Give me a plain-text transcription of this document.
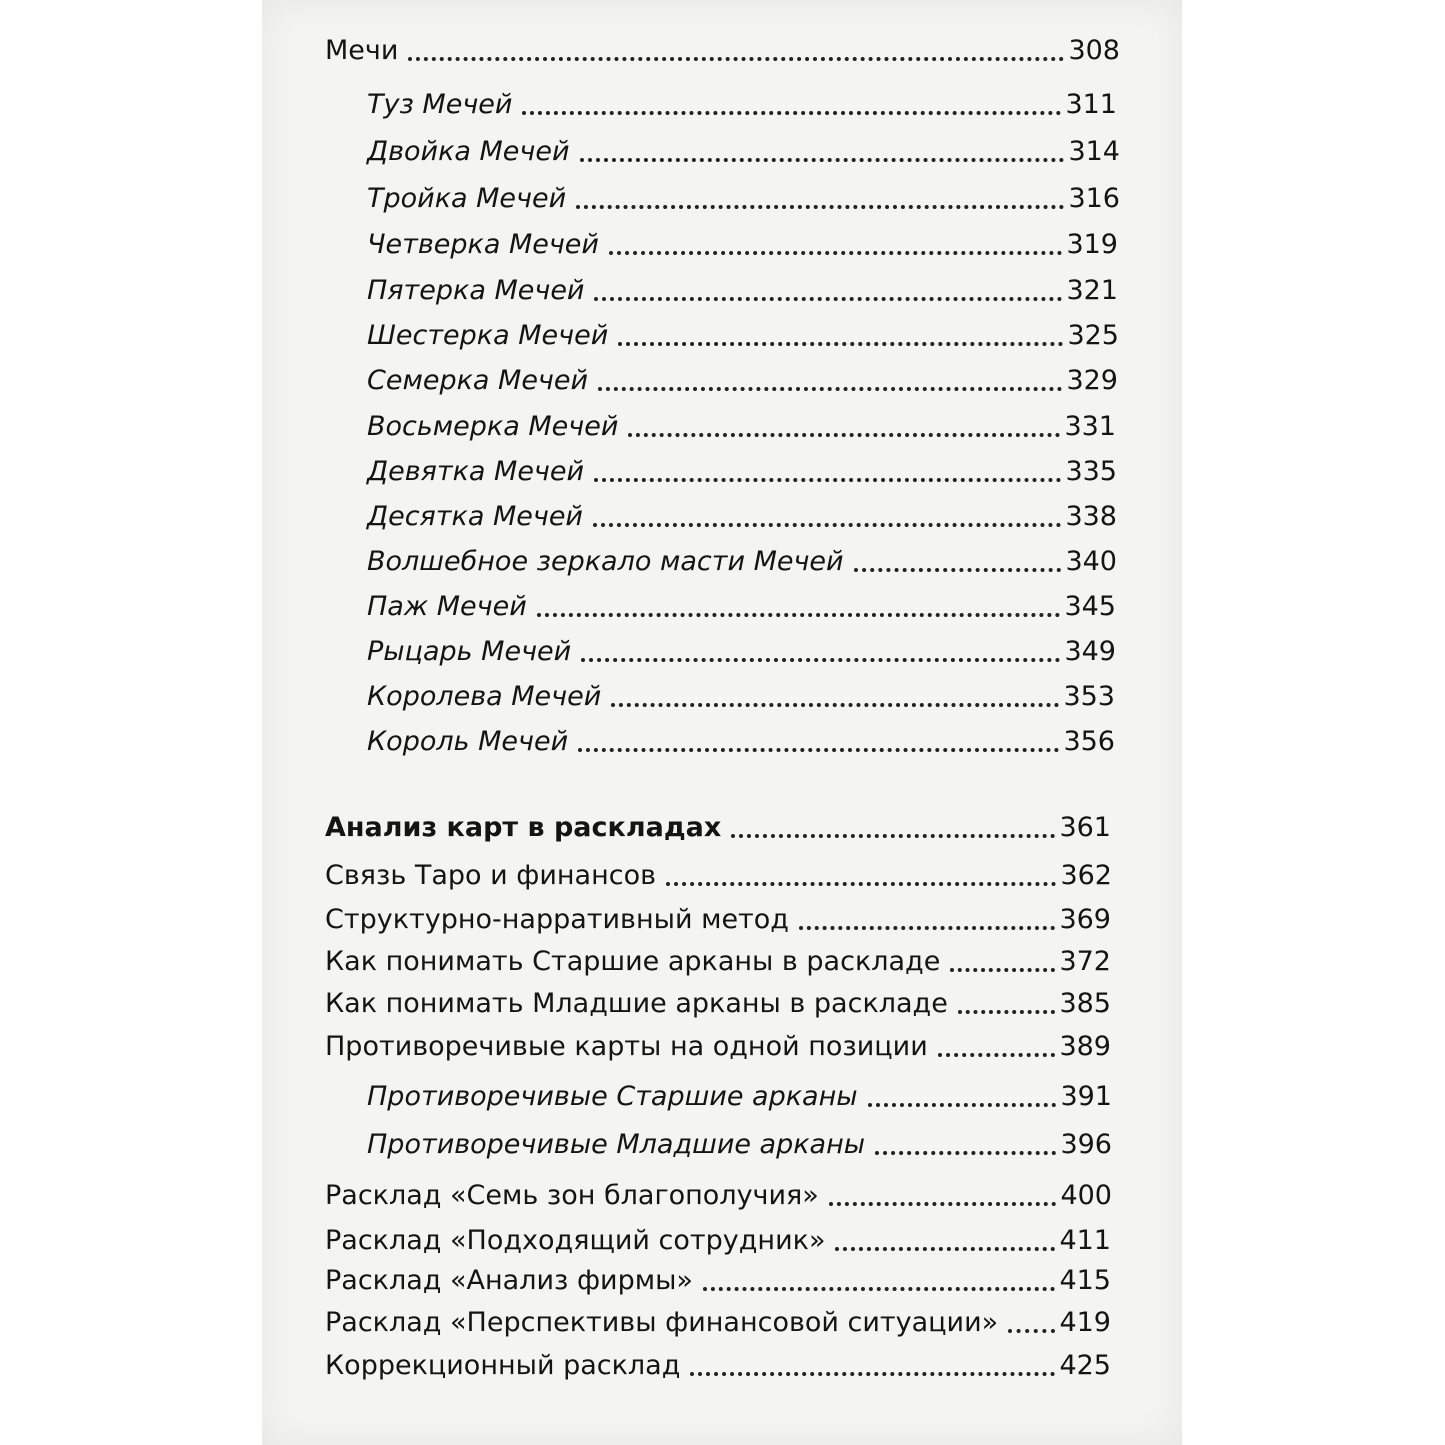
Мечи	308
Туз Мечей	311
Двойка Мечей	314
Тройка Мечей	316
Четверка Мечей	319
Пятерка Мечей	321
Шестерка Мечей	325
Семерка Мечей	329
Восьмерка Мечей	331
Девятка Мечей	335
Десятка Мечей	338
Волшебное зеркало масти Мечей	340
Паж Мечей	345
Рыцарь Мечей	349
Королева Мечей	353
Король Мечей	356
Анализ карт в раскладах	361
Связь Таро и финансов	362
Структурно-нарративный метод	369
Как понимать Старшие арканы в раскладе	372
Как понимать Младшие арканы в раскладе	385
Противоречивые карты на одной позиции	389
Противоречивые Старшие арканы	391
Противоречивые Младшие арканы	396
Расклад «Семь зон благополучия»	400
Расклад «Подходящий сотрудник»	411
Расклад «Анализ фирмы»	415
Расклад «Перспективы финансовой ситуации»	419
Коррекционный расклад	425
